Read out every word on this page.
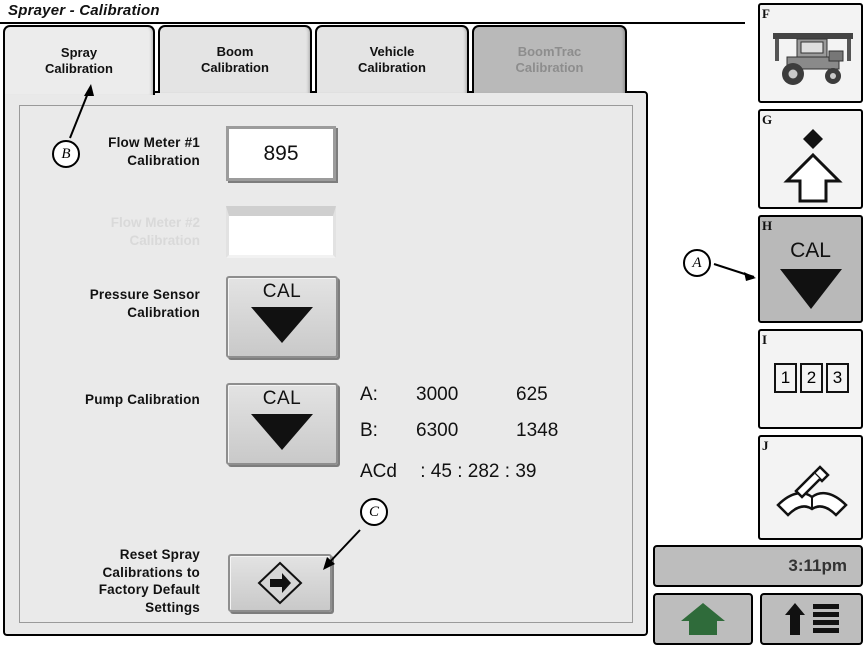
Sprayer - Calibration
Spray
Calibration
Boom
Calibration
Vehicle
Calibration
BoomTrac
Calibration
Flow Meter #1
Calibration	895
Flow Meter #2
Calibration
Pressure Sensor
Calibration
CAL
Pump Calibration	CAL	A:	3000	625
B:	6300	1348
ACd : 45 : 282 : 39
Reset Spray
Calibrations to
Factory Default
Settings
F
G
H
CAL
I
1 2 3
J
3:11pm
A
B
C
